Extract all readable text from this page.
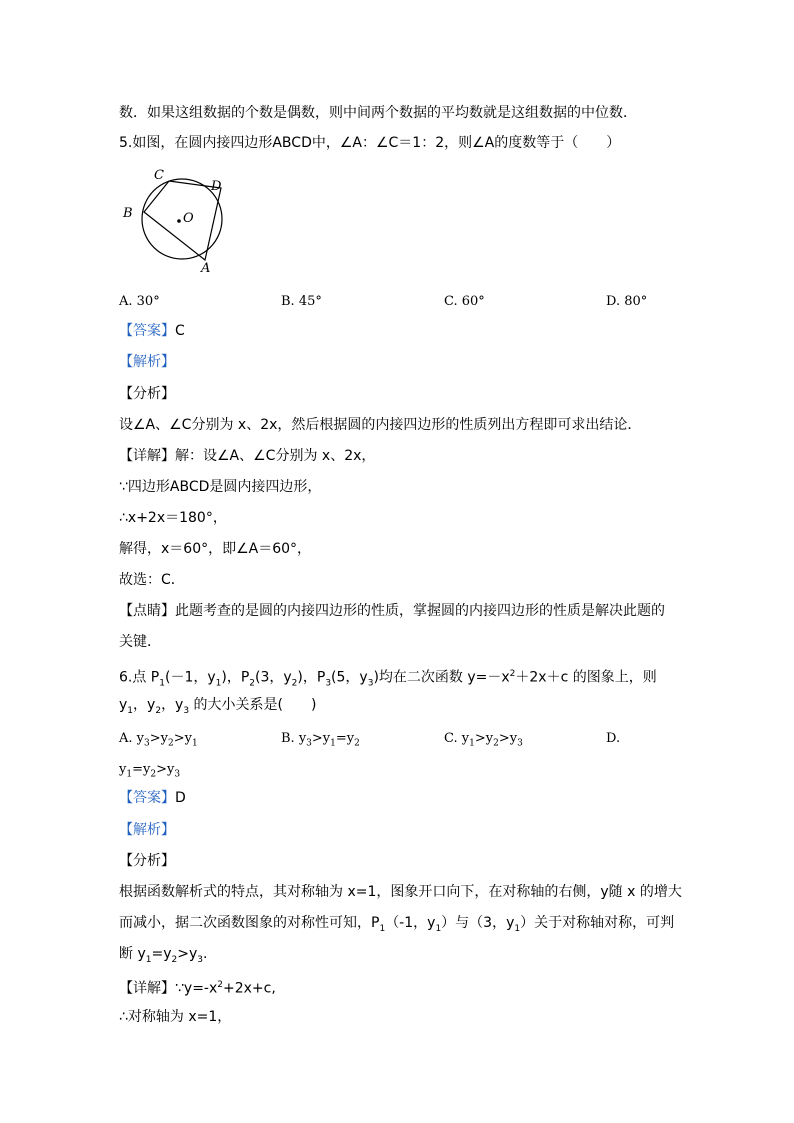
数．如果这组数据的个数是偶数，则中间两个数据的平均数就是这组数据的中位数．
5.如图，在圆内接四边形ABCD中，∠A：∠C＝1：2，则∠A的度数等于（　　）
C
D
B	O
A
A. 30°	B. 45°	C. 60°	D. 80°
【答案】C
【解析】
【分析】
设∠A、∠C分别为 x、2x，然后根据圆的内接四边形的性质列出方程即可求出结论．
【详解】解：设∠A、∠C分别为 x、2x，
∵四边形ABCD是圆内接四边形，
∴x+2x＝180°，
解得，x＝60°，即∠A＝60°，
故选：C．
【点睛】此题考查的是圆的内接四边形的性质，掌握圆的内接四边形的性质是解决此题的
关键．
6.点 $P_1(-1$，$y_1$)，$P_2(3$，$y_2$)，$P_3(5$，$y_3$)均在二次函数 $y=-x^2+2x+c$ 的图象上，则
$y_1$，$y_2$，$y_3$ 的大小关系是(　　)
A. $y_3>y_2>y_1$	B. $y_3>y_1=y_2$	C. $y_1>y_2>y_3$	D.
$y_1=y_2>y_3$
【答案】D
【解析】
【分析】
根据函数解析式的特点，其对称轴为 x=1，图象开口向下，在对称轴的右侧，y随 x 的增大
而减小，据二次函数图象的对称性可知，$P_1(-1$，$y_1$）与（3，$y_1$）关于对称轴对称，可判
断 $y_1=y_2>y_3$.
【详解】$\because y=-x^2+2x+c$,
∴对称轴为 x=1，
